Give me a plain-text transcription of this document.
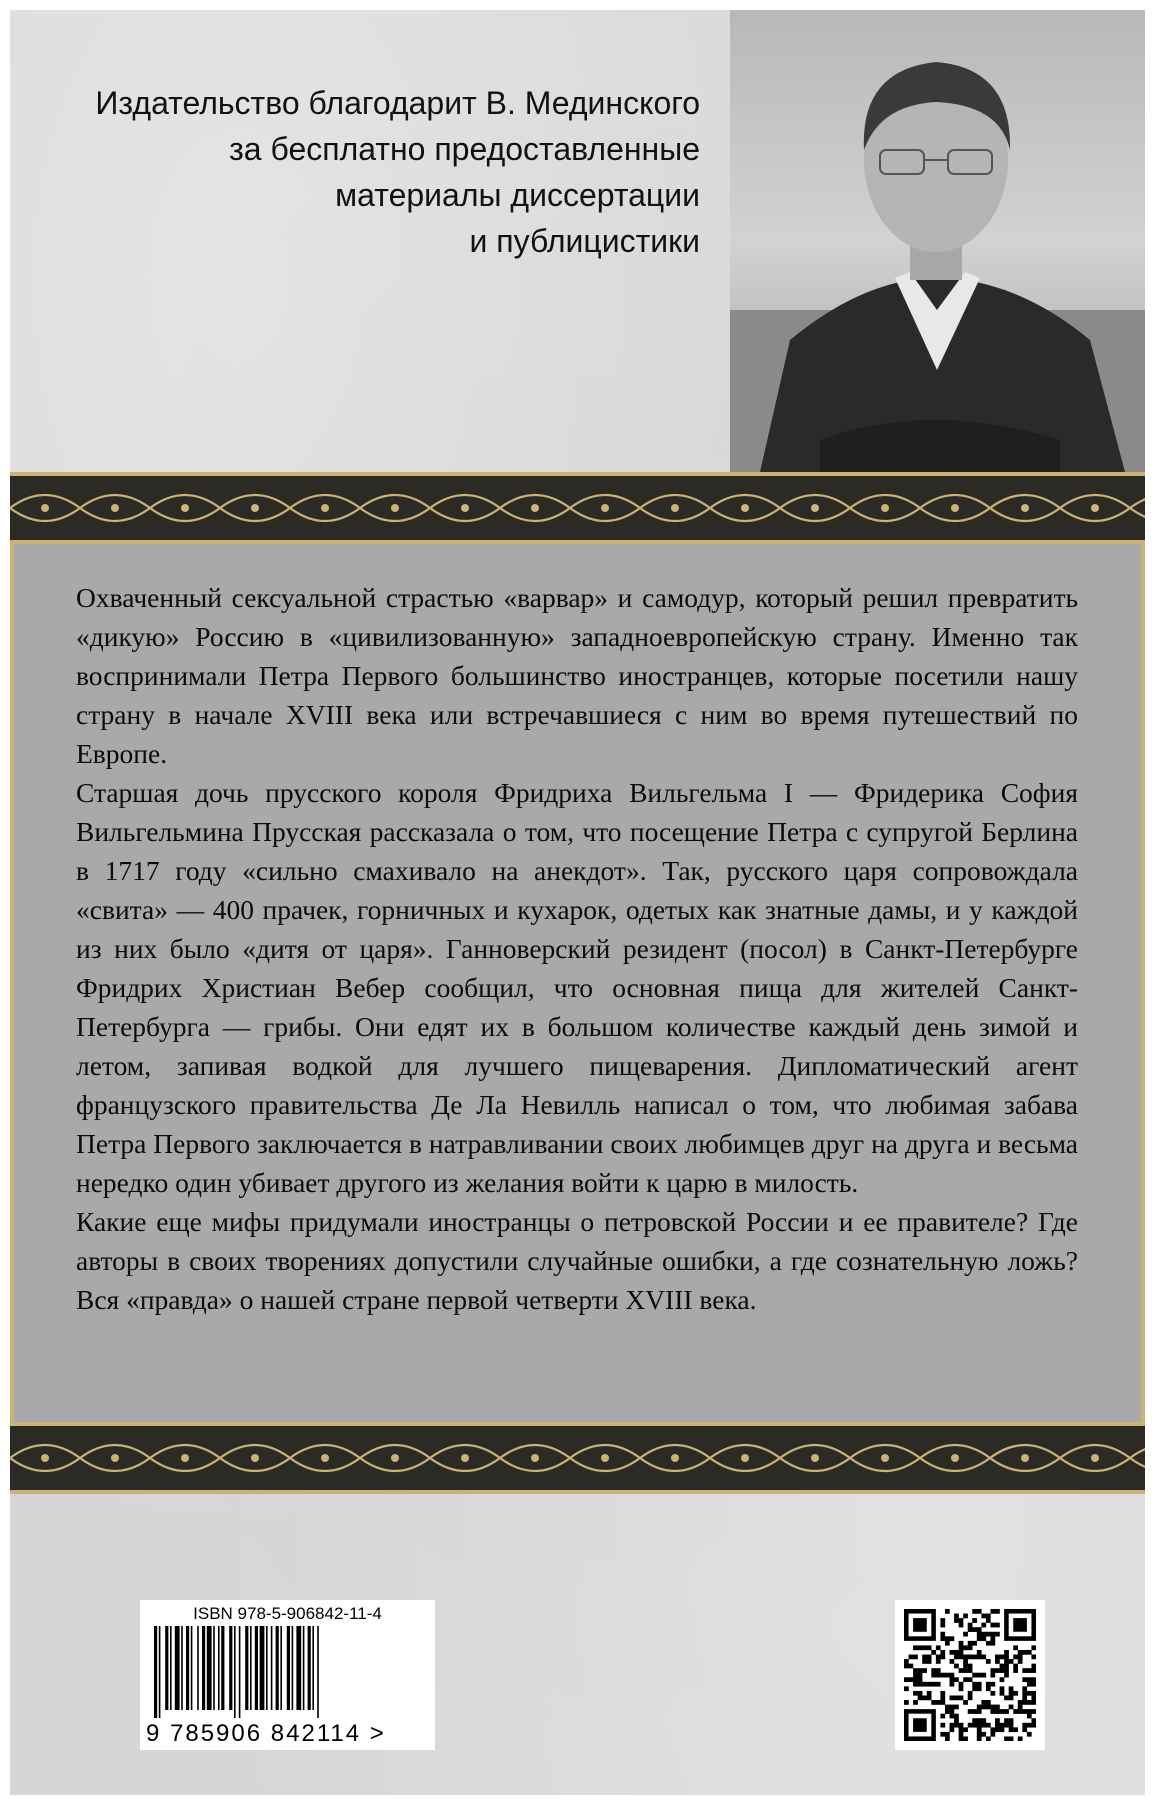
Издательство благодарит В. Мединского
за бесплатно предоставленные
материалы диссертации
и публицистики

Охваченный сексуальной страстью «варвар» и самодур, который решил превратить «дикую» Россию в «цивилизованную» западноевропейскую страну. Именно так воспринимали Петра Первого большинство иностранцев, которые посетили нашу страну в начале XVIII века или встречавшиеся с ним во время путешествий по Европе.

Старшая дочь прусского короля Фридриха Вильгельма I — Фридерика София Вильгельмина Прусская рассказала о том, что посещение Петра с супругой Берлина в 1717 году «сильно смахивало на анекдот». Так, русского царя сопровождала «свита» — 400 прачек, горничных и кухарок, одетых как знатные дамы, и у каждой из них было «дитя от царя». Ганноверский резидент (посол) в Санкт-Петербурге Фридрих Христиан Вебер сообщил, что основная пища для жителей Санкт-Петербурга — грибы. Они едят их в большом количестве каждый день зимой и летом, запивая водкой для лучшего пищеварения. Дипломатический агент французского правительства Де Ла Невилль написал о том, что любимая забава Петра Первого заключается в натравливании своих любимцев друг на друга и весьма нередко один убивает другого из желания войти к царю в милость.

Какие еще мифы придумали иностранцы о петровской России и ее правителе? Где авторы в своих творениях допустили случайные ошибки, а где сознательную ложь? Вся «правда» о нашей стране первой четверти XVIII века.

ISBN 978-5-906842-11-4
9 785906 842114 >
